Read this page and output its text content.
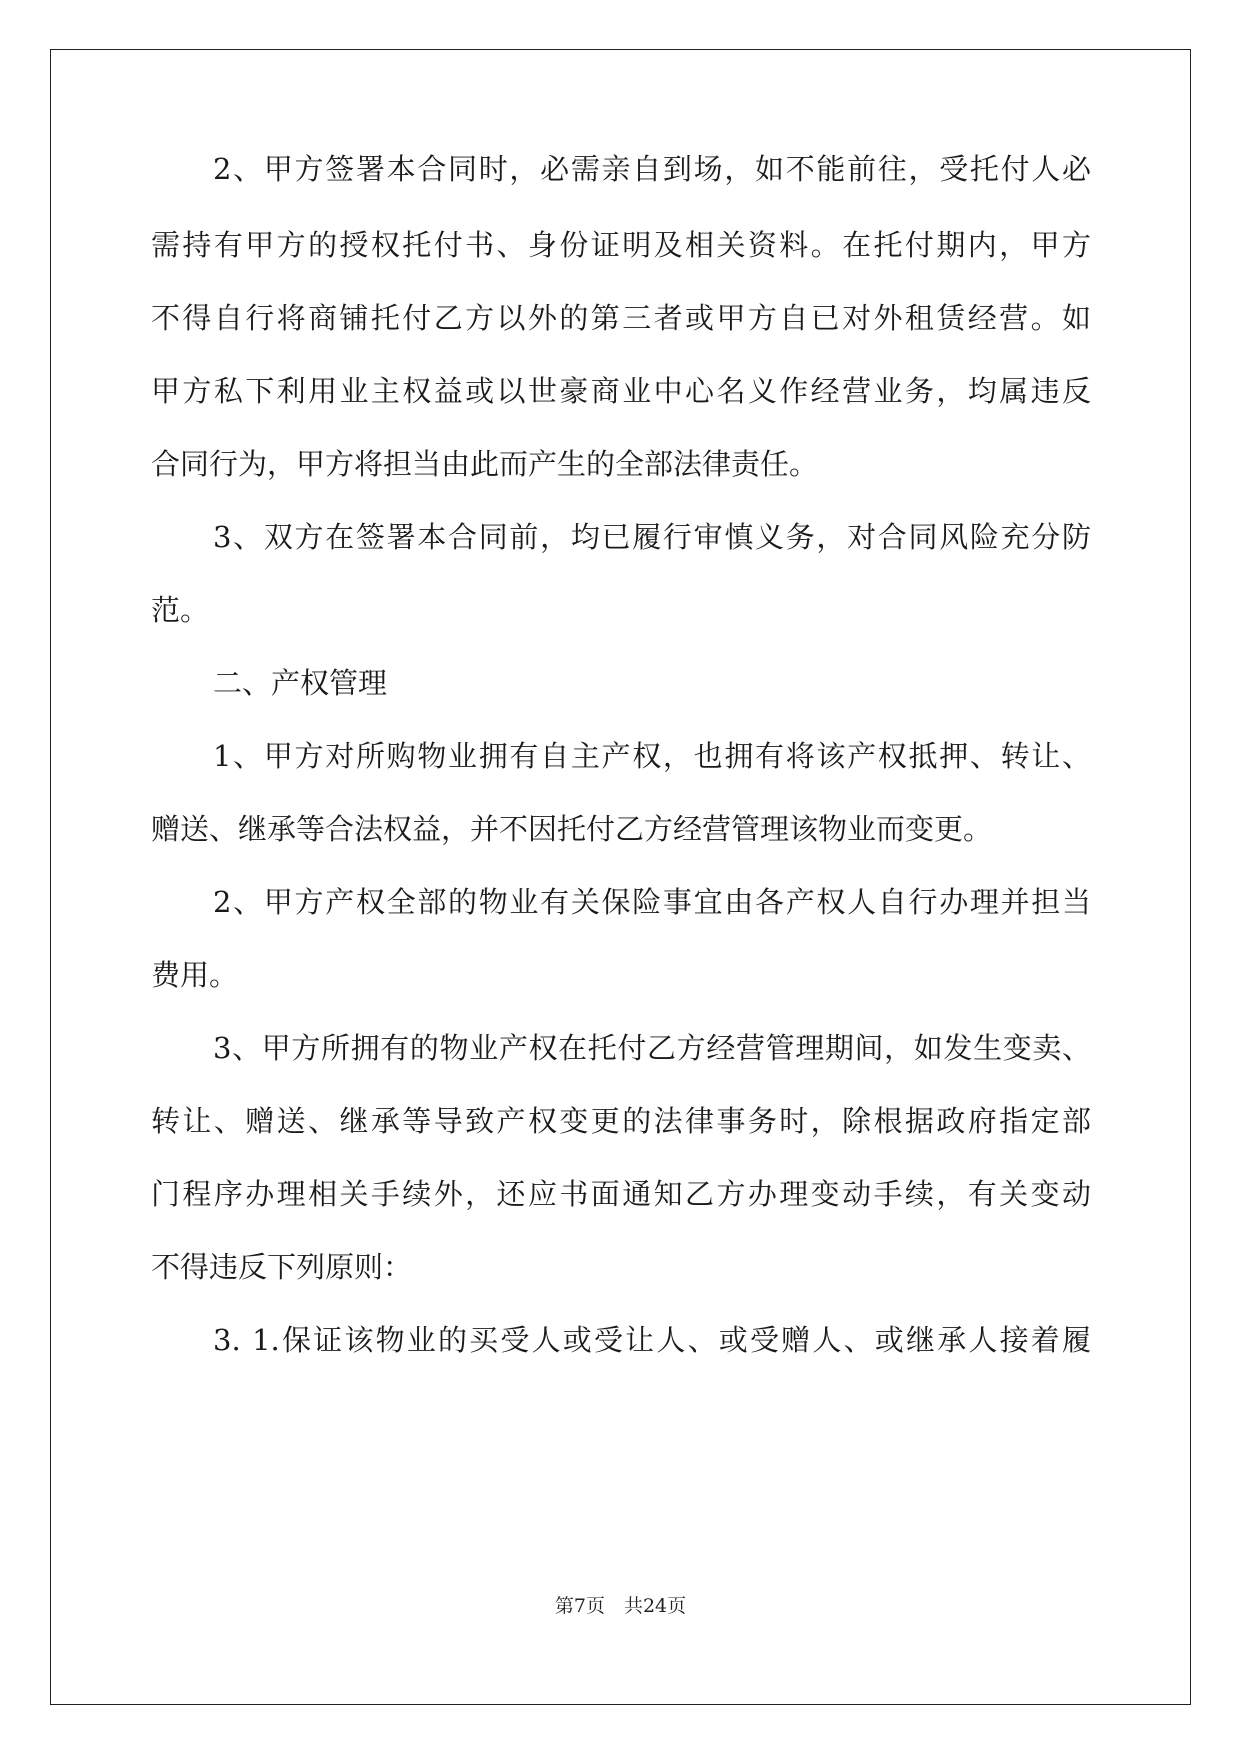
2、甲方签署本合同时，必需亲自到场，如不能前往，受托付人必
需持有甲方的授权托付书、身份证明及相关资料。在托付期内，甲方
不得自行将商铺托付乙方以外的第三者或甲方自已对外租赁经营。如
甲方私下利用业主权益或以世豪商业中心名义作经营业务，均属违反
合同行为，甲方将担当由此而产生的全部法律责任。
3、双方在签署本合同前，均已履行审慎义务，对合同风险充分防
范。
二、产权管理
1、甲方对所购物业拥有自主产权，也拥有将该产权抵押、转让、
赠送、继承等合法权益，并不因托付乙方经营管理该物业而变更。
2、甲方产权全部的物业有关保险事宜由各产权人自行办理并担当
费用。
3、甲方所拥有的物业产权在托付乙方经营管理期间，如发生变卖、
转让、赠送、继承等导致产权变更的法律事务时，除根据政府指定部
门程序办理相关手续外，还应书面通知乙方办理变动手续，有关变动
不得违反下列原则：
3. 1.保证该物业的买受人或受让人、或受赠人、或继承人接着履
第7页　共24页
